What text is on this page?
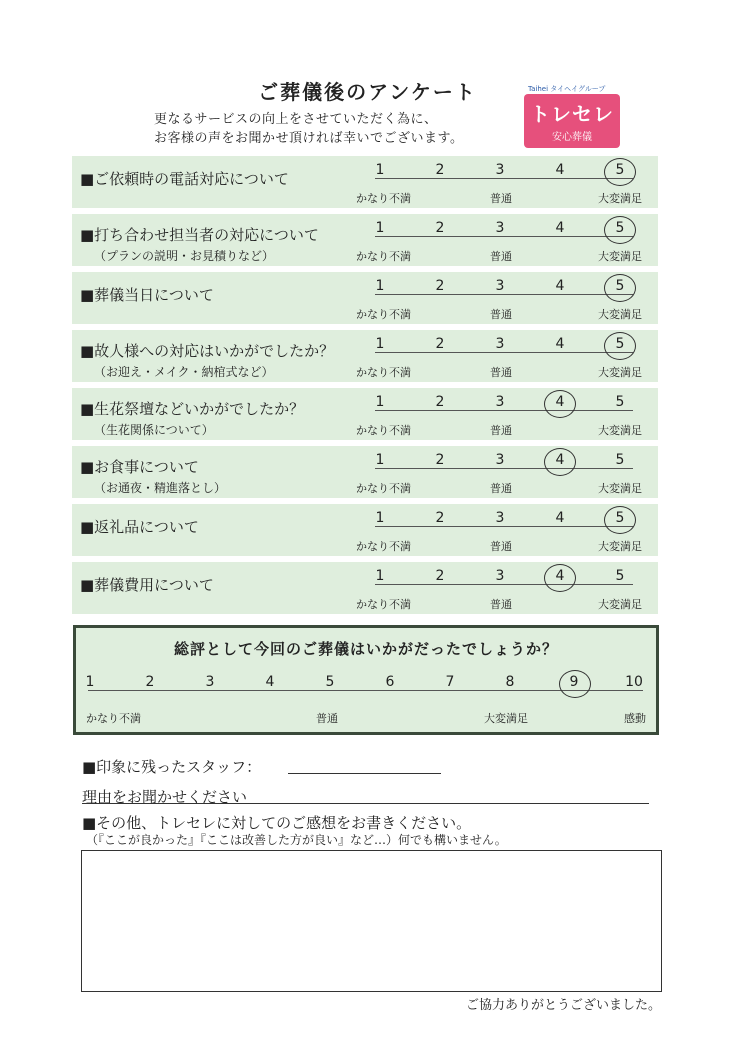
ご葬儀後のアンケート
更なるサービスの向上をさせていただく為に、
お客様の声をお聞かせ頂ければ幸いでございます。
Taihei タイヘイグループ
トレセレ
安心葬儀
■ご依頼時の電話対応について	1	2	3	4	5
かなり不満	普通	大変満足
■打ち合わせ担当者の対応について
（プランの説明・お見積りなど）
1	2	3	4	5
かなり不満	普通	大変満足
■葬儀当日について	1	2	3	4	5
かなり不満	普通	大変満足
■故人様への対応はいかがでしたか？
（お迎え・メイク・納棺式など）
1	2	3	4	5
かなり不満	普通	大変満足
■生花祭壇などいかがでしたか？
（生花関係について）
1	2	3	4	5
かなり不満	普通	大変満足
■お食事について
（お通夜・精進落とし）
1	2	3	4	5
かなり不満	普通	大変満足
■返礼品について	1	2	3	4	5
かなり不満	普通	大変満足
■葬儀費用について	1	2	3	4	5
かなり不満	普通	大変満足
総評として今回のご葬儀はいかがだったでしょうか？
1	2	3	4	5	6	7	8	9	10
かなり不満	普通	大変満足	感動
■印象に残ったスタッフ：
理由をお聞かせください
■その他、トレセレに対してのご感想をお書きください。
（『ここが良かった』『ここは改善した方が良い』など…）何でも構いません。
ご協力ありがとうございました。
